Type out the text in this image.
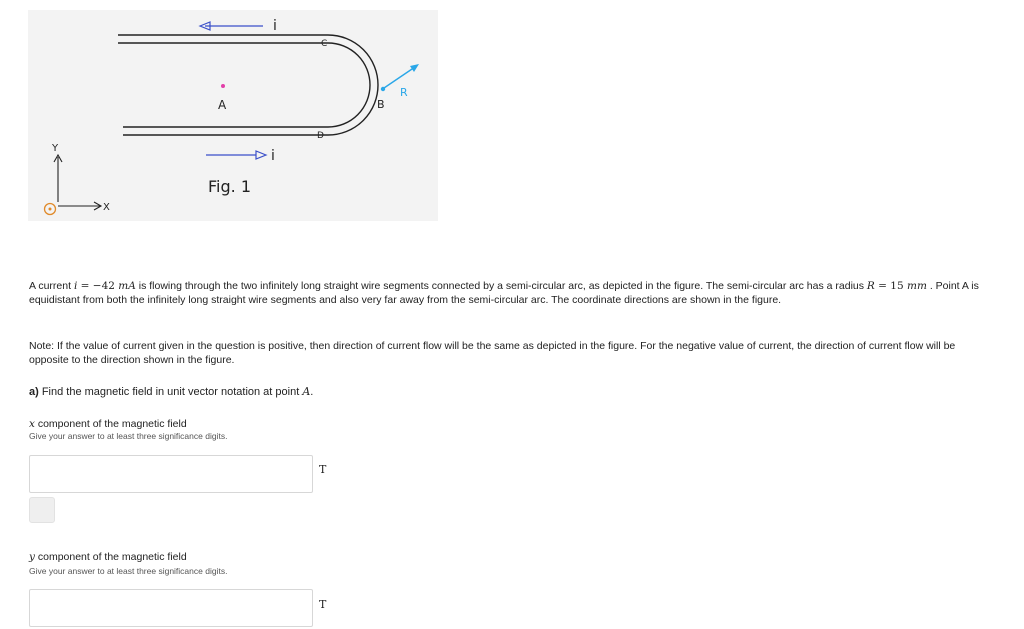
i
i
C
D
A	B
R
Y
X
Fig. 1
A current i = −42 mA is flowing through the two infinitely long straight wire segments connected by a semi-circular arc, as depicted in the figure. The semi-circular arc has a radius R = 15 mm . Point A is equidistant from both the infinitely long straight wire segments and also very far away from the semi-circular arc. The coordinate directions are shown in the figure.
Note: If the value of current given in the question is positive, then direction of current flow will be the same as depicted in the figure. For the negative value of current, the direction of current flow will be opposite to the direction shown in the figure.
a) Find the magnetic field in unit vector notation at point A.
x component of the magnetic field
Give your answer to at least three significance digits.
T
y component of the magnetic field
Give your answer to at least three significance digits.
T
